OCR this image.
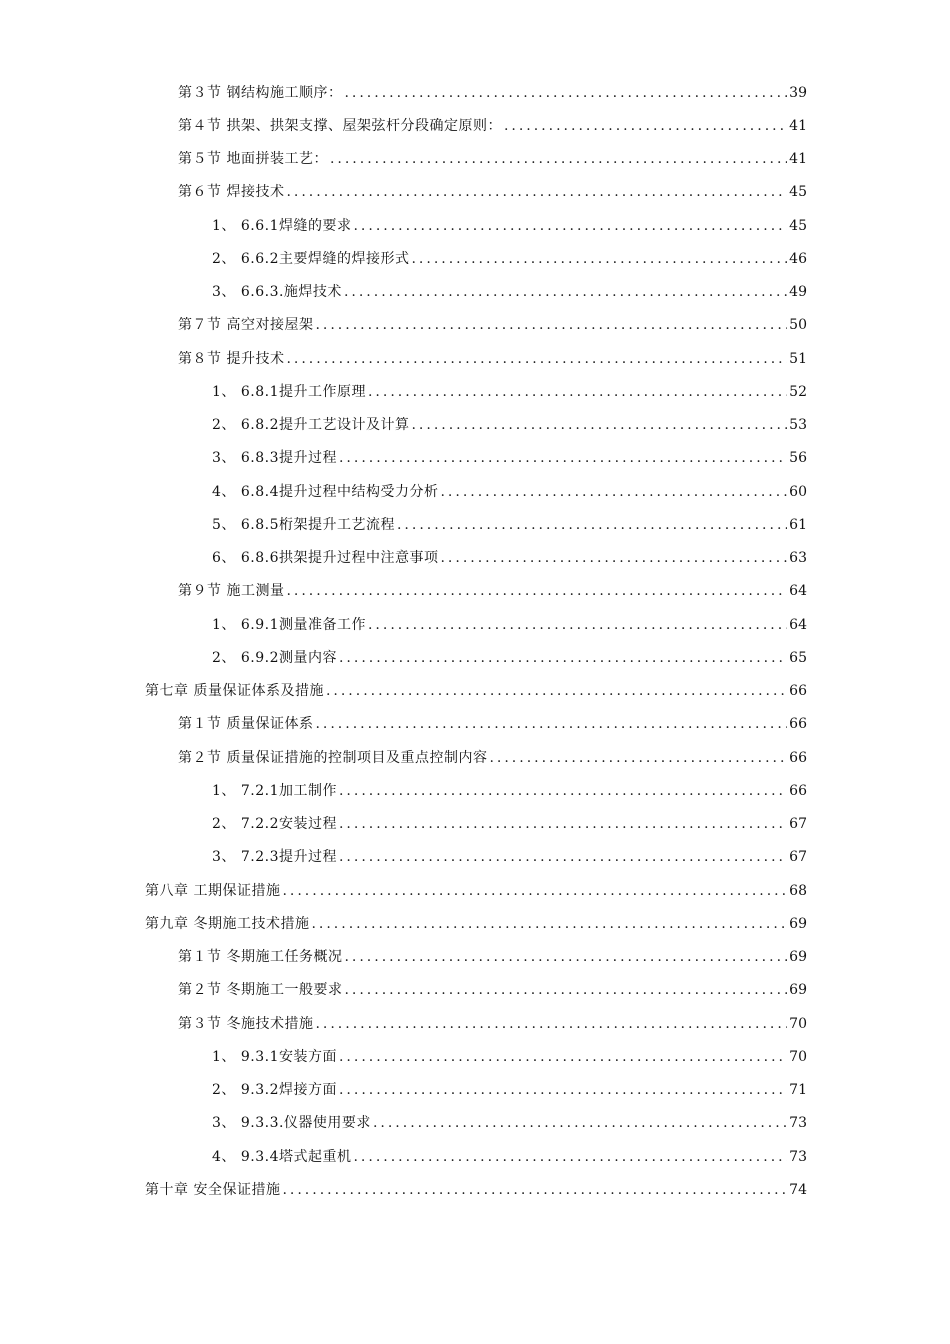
第３节 钢结构施工顺序： .....	39
第４节 拱架、拱架支撑、屋架弦杆分段确定原则： .....	41
第５节 地面拼装工艺： .....	41
第６节 焊接技术 .....	45
1、 6.6.1焊缝的要求 .....	45
2、 6.6.2主要焊缝的焊接形式 .....	46
3、 6.6.3.施焊技术 .....	49
第７节 高空对接屋架 .....	50
第８节 提升技术 .....	51
1、 6.8.1提升工作原理 .....	52
2、 6.8.2提升工艺设计及计算 .....	53
3、 6.8.3提升过程 .....	56
4、 6.8.4提升过程中结构受力分析 .....	60
5、 6.8.5桁架提升工艺流程 .....	61
6、 6.8.6拱架提升过程中注意事项 .....	63
第９节 施工测量 .....	64
1、 6.9.1测量准备工作 .....	64
2、 6.9.2测量内容 .....	65
第七章 质量保证体系及措施 .....	66
第１节 质量保证体系 .....	66
第２节 质量保证措施的控制项目及重点控制内容 .....	66
1、 7.2.1加工制作 .....	66
2、 7.2.2安装过程 .....	67
3、 7.2.3提升过程 .....	67
第八章 工期保证措施 .....	68
第九章 冬期施工技术措施 .....	69
第１节 冬期施工任务概况 .....	69
第２节 冬期施工一般要求 .....	69
第３节 冬施技术措施 .....	70
1、 9.3.1安装方面 .....	70
2、 9.3.2焊接方面 .....	71
3、 9.3.3.仪器使用要求 .....	73
4、 9.3.4塔式起重机 .....	73
第十章 安全保证措施 .....	74
